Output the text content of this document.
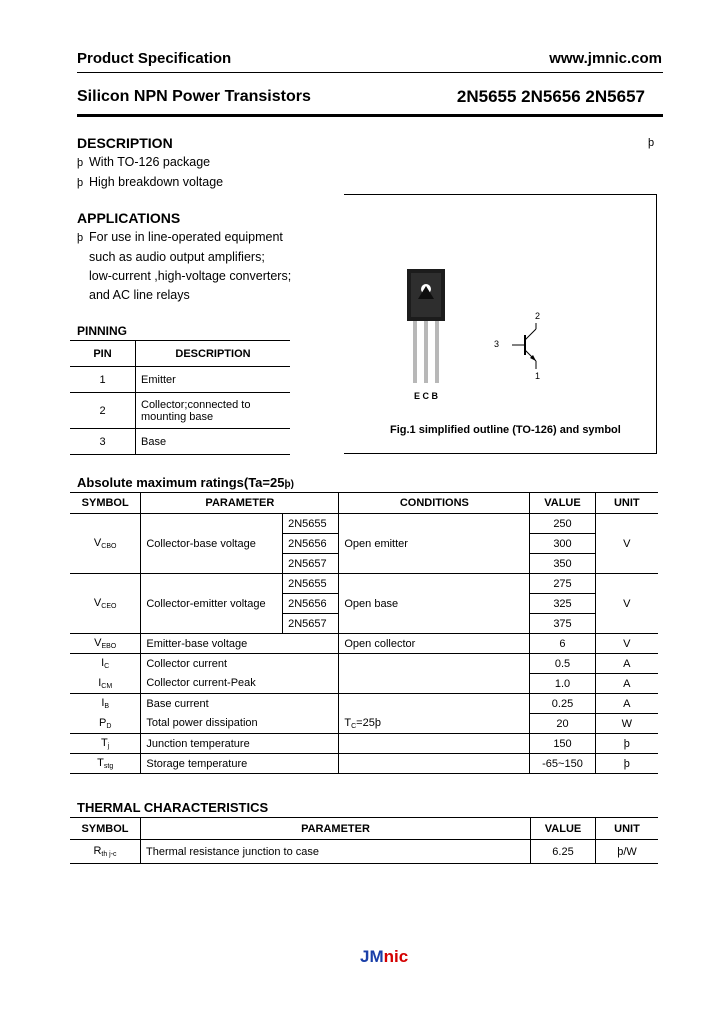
Product Specification	www.jmnic.com
Silicon NPN Power Transistors	2N5655 2N5656 2N5657
DESCRIPTION	þ
þ With TO-126 package
þ High breakdown voltage
APPLICATIONS
þ For use in line-operated equipment
such as audio output amplifiers;
low-current ,high-voltage converters;
and AC line relays
PINNING
PIN	DESCRIPTION
1	Emitter
2	Collector;connected to
mounting base

3	Base
E C B
2
3
1
Fig.1 simplified outline (TO-126) and symbol
Absolute maximum ratings(Ta=25þ)
SYMBOL	PARAMETER		CONDITIONS	VALUE	UNIT
$V_{CBO}$	Collector-base voltage	2N5655	Open emitter	250	V
		2N5656		300	
		2N5657		350	
$V_{CEO}$	Collector-emitter voltage	2N5655	Open base	275	V
		2N5656		325	
		2N5657		375	
$V_{EBO}$	Emitter-base voltage		Open collector	6	V
$I_C$	Collector current			0.5	A
$I_{CM}$	Collector current-Peak			1.0	A
$I_B$	Base current		$T_C=25þ$	0.25	A
$P_D$	Total power dissipation			20	W
$T_j$	Junction temperature			150	þ
$T_{stg}$	Storage temperature			-65~150	þ
THERMAL CHARACTERISTICS
SYMBOL	PARAMETER	VALUE	UNIT
$R_{th j-c}$	Thermal resistance junction to case	6.25	þ/W
JMnic
